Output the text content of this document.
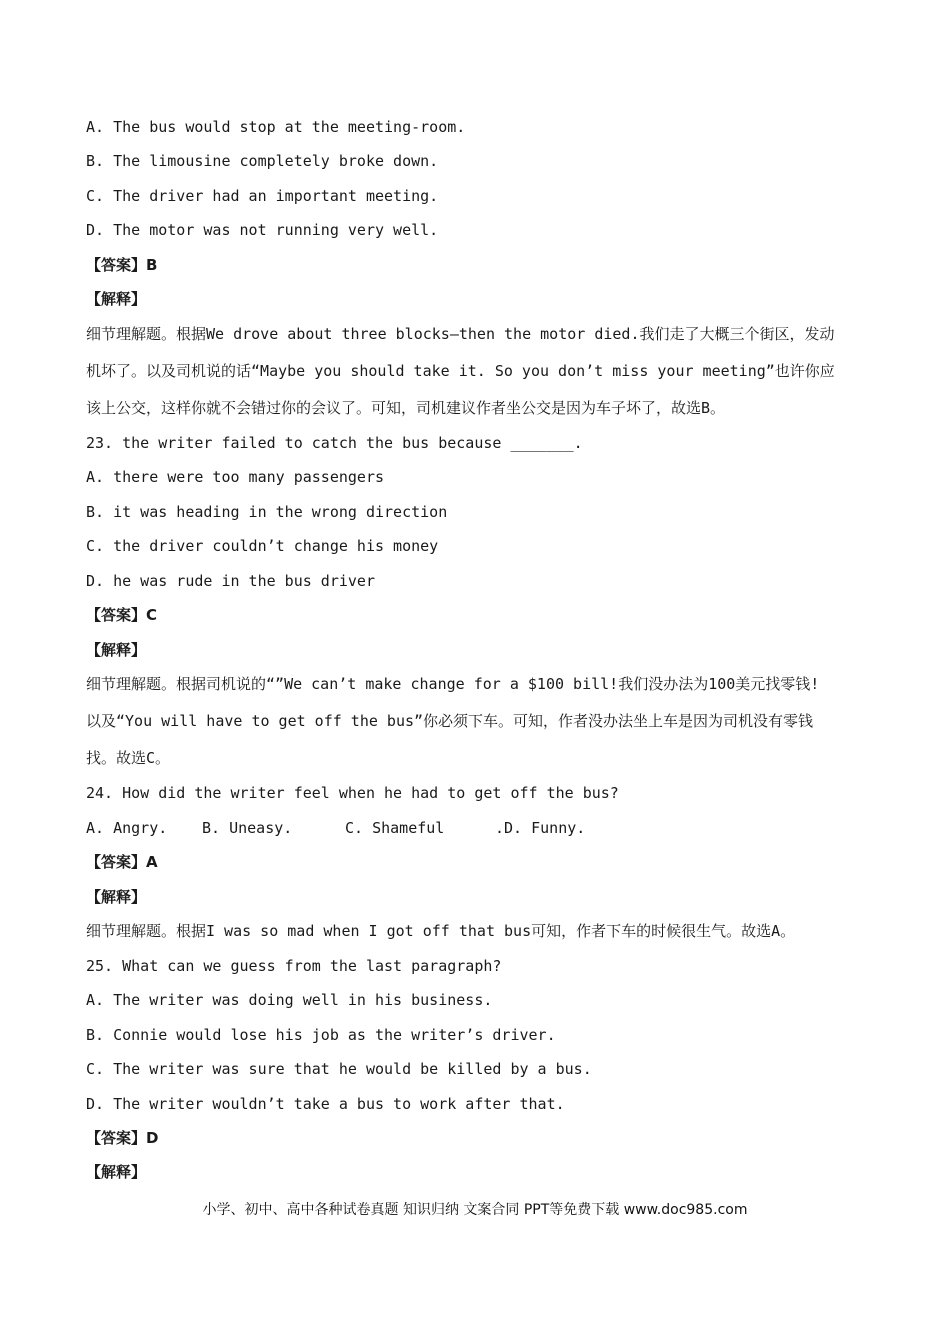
A. The bus would stop at the meeting-room.

B. The limousine completely broke down.

C. The driver had an important meeting.

D. The motor was not running very well.

【答案】B

【解释】

细节理解题。根据We drove about three blocks—then the motor died.我们走了大概三个街区，发动

机坏了。以及司机说的话“Maybe you should take it. So you don’t miss your meeting”也许你应

该上公交，这样你就不会错过你的会议了。可知，司机建议作者坐公交是因为车子坏了，故选B。

23. the writer failed to catch the bus because _______.

A. there were too many passengers

B. it was heading in the wrong direction

C. the driver couldn’t change his money

D. he was rude in the bus driver

【答案】C

【解释】

细节理解题。根据司机说的“”We can’t make change for a $100 bill!我们没办法为100美元找零钱!

以及“You will have to get off the bus”你必须下车。可知，作者没办法坐上车是因为司机没有零钱

找。故选C。

24. How did the writer feel when he had to get off the bus?

A. Angry. B. Uneasy.	C. Shameful	.D. Funny.

【答案】A

【解释】

细节理解题。根据I was so mad when I got off that bus可知，作者下车的时候很生气。故选A。

25. What can we guess from the last paragraph?

A. The writer was doing well in his business.

B. Connie would lose his job as the writer’s driver.

C. The writer was sure that he would be killed by a bus.

D. The writer wouldn’t take a bus to work after that.

【答案】D

【解释】

小学、初中、高中各种试卷真题 知识归纳 文案合同 PPT等免费下载 www.doc985.com
